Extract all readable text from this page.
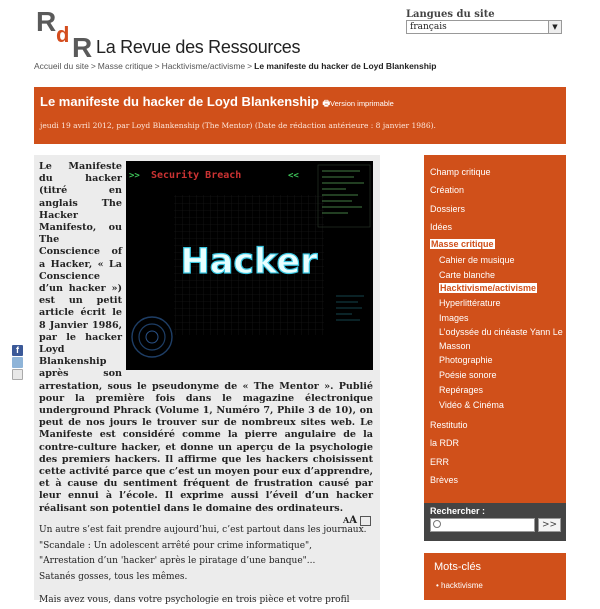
R d R La Revue des Ressources
Accueil du site > Masse critique > Hacktivisme/activisme > Le manifeste du hacker de Loyd Blankenship
Langues du site
français	▼
Le manifeste du hacker de Loyd Blankenship 🖶Version imprimable
jeudi 19 avril 2012, par Loyd Blankenship (The Mentor) (Date de rédaction antérieure : 8 janvier 1986).
f
>> Security Breach	<<
Hacker
Le Manifeste du hacker (titré en anglais The Hacker Manifesto, ou The Conscience of a Hacker, « La Conscience d’un hacker ») est un petit article écrit le 8 Janvier 1986, par le hacker Loyd Blankenship après son arrestation, sous le pseudonyme de « The Mentor ». Publié pour la première fois dans le magazine électronique underground Phrack (Volume 1, Numéro 7, Phile 3 de 10), on peut de nos jours le trouver sur de nombreux sites web. Le Manifeste est considéré comme la pierre angulaire de la contre-culture hacker, et donne un aperçu de la psychologie des premiers hackers. Il affirme que les hackers choisissent cette activité parce que c’est un moyen pour eux d’apprendre, et à cause du sentiment fréquent de frustration causé par leur ennui à l’école. Il exprime aussi l’éveil d’un hacker réalisant son potentiel dans le domaine des ordinateurs.
AA
Un autre s’est fait prendre aujourd’hui, c’est partout dans les journaux.
"Scandale : Un adolescent arrêté pour crime informatique",
"Arrestation d’un 'hacker' après le piratage d’une banque"...
Satanés gosses, tous les mêmes.
Mais avez vous, dans votre psychologie en trois pièce et votre profil
Champ critique
Création
Dossiers
Idées
Masse critique
Cahier de musique
Carte blanche
Hacktivisme/activisme
Hyperlittérature
Images
L’odyssée du cinéaste Yann Le
Masson
Photographie
Poésie sonore
Repérages
Vidéo & Cinéma
Restitutio
la RDR
ERR
Brèves
Rechercher :
>>
Mots-clés
• hacktivisme
